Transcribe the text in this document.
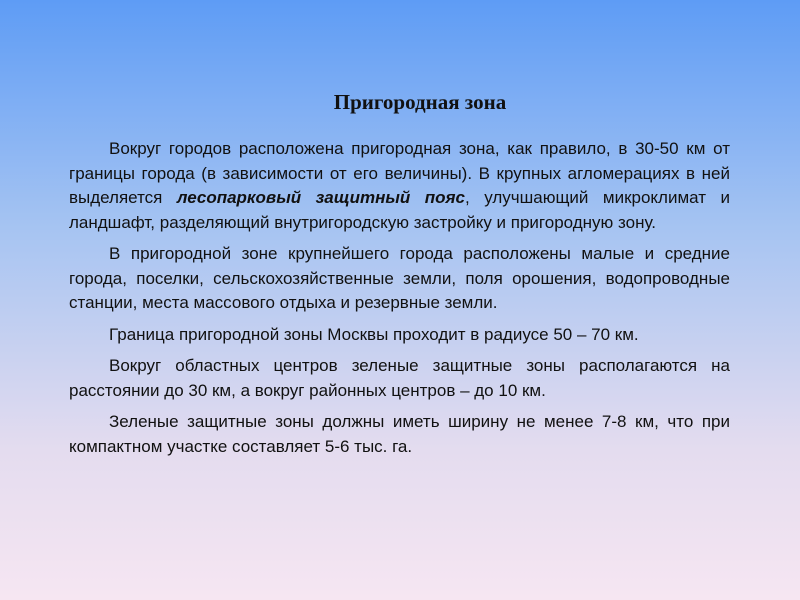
Пригородная зона

Вокруг городов расположена пригородная зона, как правило, в 30-50 км от границы города (в зависимости от его величины). В крупных агломерациях в ней выделяется лесопарковый защитный пояс, улучшающий микроклимат и ландшафт, разделяющий внутригородскую застройку и пригородную зону.

В пригородной зоне крупнейшего города расположены малые и средние города, поселки, сельскохозяйственные земли, поля орошения, водопроводные станции, места массового отдыха и резервные земли.

Граница пригородной зоны Москвы проходит в радиусе 50 – 70 км.

Вокруг областных центров зеленые защитные зоны располагаются на расстоянии до 30 км, а вокруг районных центров – до 10 км.

Зеленые защитные зоны должны иметь ширину не менее 7-8 км, что при компактном участке составляет 5-6 тыс. га.
